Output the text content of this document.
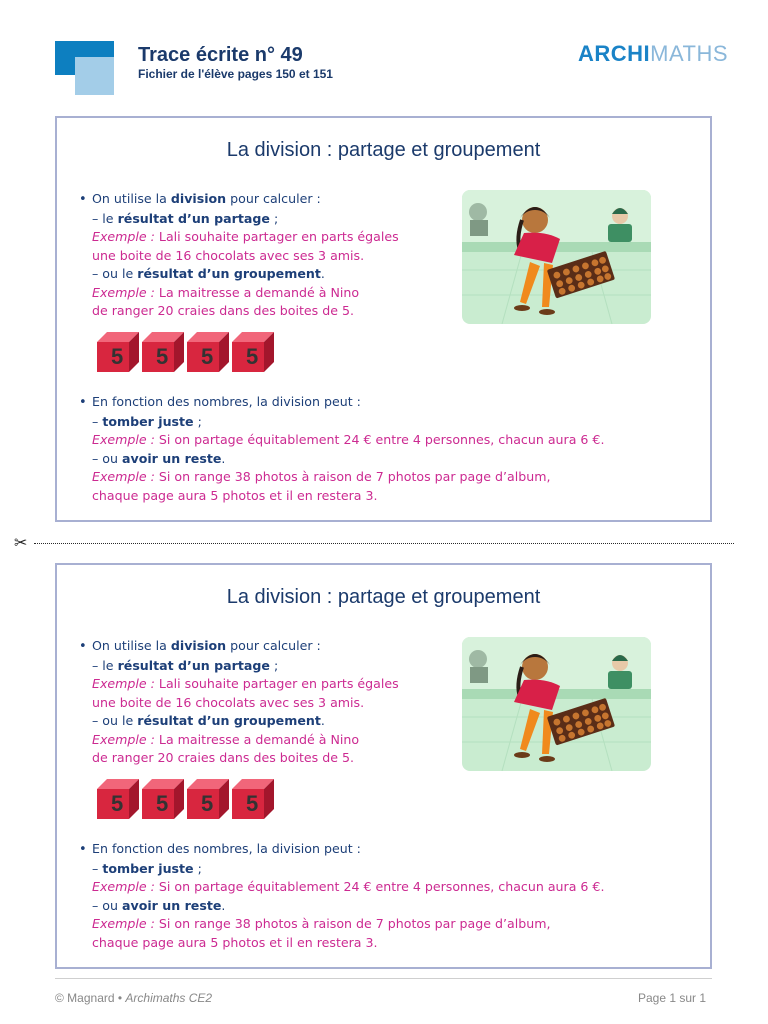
Trace écrite n° 49
Fichier de l'élève pages 150 et 151
ARCHIMATHS
La division : partage et groupement
• On utilise la division pour calculer :
– le résultat d’un partage ;
Exemple : Lali souhaite partager en parts égales
une boite de 16 chocolats avec ses 3 amis.
– ou le résultat d’un groupement.
Exemple : La maitresse a demandé à Nino
de ranger 20 craies dans des boites de 5.
• En fonction des nombres, la division peut :
– tomber juste ;
Exemple : Si on partage équitablement 24 € entre 4 personnes, chacun aura 6 €.
– ou avoir un reste.
Exemple : Si on range 38 photos à raison de 7 photos par page d’album,
chaque page aura 5 photos et il en restera 3.
5 5 5 5
✂
La division : partage et groupement
• On utilise la division pour calculer :
– le résultat d’un partage ;
Exemple : Lali souhaite partager en parts égales
une boite de 16 chocolats avec ses 3 amis.
– ou le résultat d’un groupement.
Exemple : La maitresse a demandé à Nino
de ranger 20 craies dans des boites de 5.
• En fonction des nombres, la division peut :
– tomber juste ;
Exemple : Si on partage équitablement 24 € entre 4 personnes, chacun aura 6 €.
– ou avoir un reste.
Exemple : Si on range 38 photos à raison de 7 photos par page d’album,
chaque page aura 5 photos et il en restera 3.
5 5 5 5
© Magnard • Archimaths CE2	Page 1 sur 1
